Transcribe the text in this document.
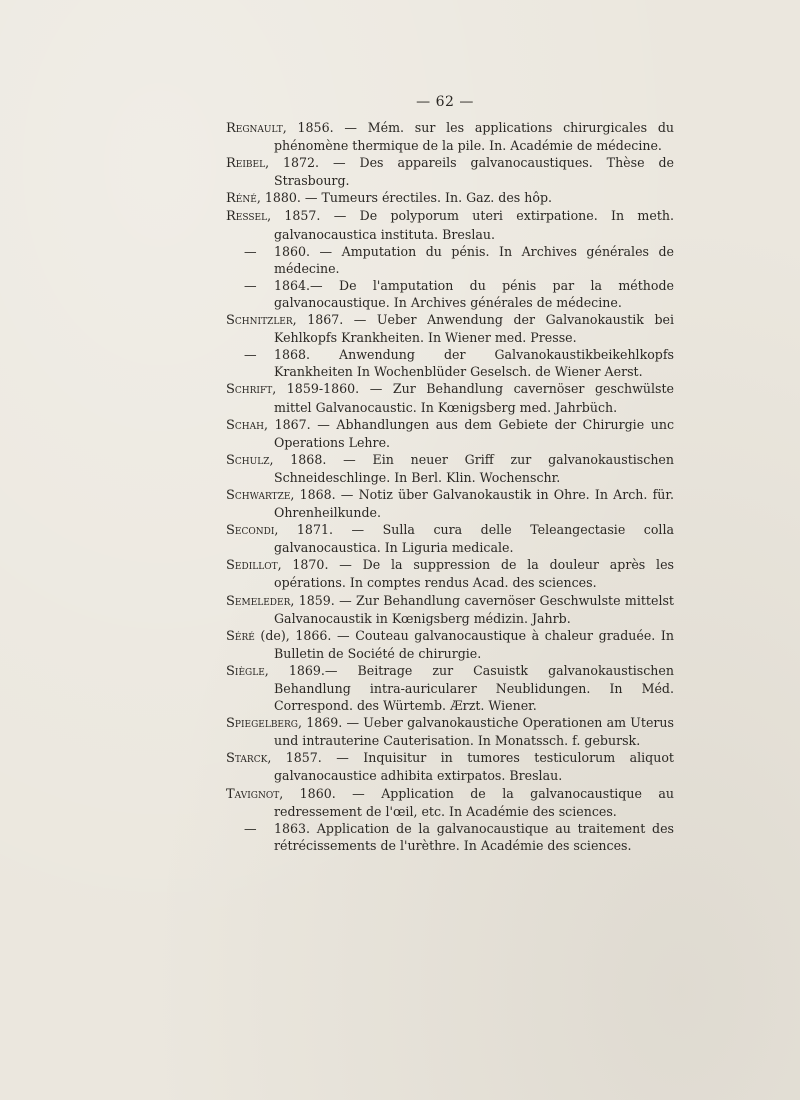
— 62 —

Regnault, 1856. — Mém. sur les applications chirurgicales du phénomène thermique de la pile. In. Académie de médecine.

Reibel, 1872. — Des appareils galvanocaustiques. Thèse de Strasbourg.

Réné, 1880. — Tumeurs érectiles. In. Gaz. des hôp.

Ressel, 1857. — De polyporum uteri extirpatione. In meth. galvanocaustica instituta. Breslau.

— 1860. — Amputation du pénis. In Archives générales de médecine.

— 1864.— De l'amputation du pénis par la méthode galvanocaustique. In Archives générales de médecine.

Schnitzler, 1867. — Ueber Anwendung der Galvanokaustik bei Kehlkopfs Krankheiten. In Wiener med. Presse.

— 1868. Anwendung der Galvanokaustikbeikehlkopfs Krankheiten In Wochenblüder Geselsch. de Wiener Aerst.

Schrift, 1859-1860. — Zur Behandlung cavernöser geschwülste mittel Galvanocaustic. In Kœnigsberg med. Jahrbüch.

Schah, 1867. — Abhandlungen aus dem Gebiete der Chirurgie unc Operations Lehre.

Schulz, 1868. — Ein neuer Griff zur galvanokaustischen Schneideschlinge. In Berl. Klin. Wochenschr.

Schwartze, 1868. — Notiz über Galvanokaustik in Ohre. In Arch. für. Ohrenheilkunde.

Secondi, 1871. — Sulla cura delle Teleangectasie colla galvanocaustica. In Liguria medicale.

Sedillot, 1870. — De la suppression de la douleur après les opérations. In comptes rendus Acad. des sciences.

Semeleder, 1859. — Zur Behandlung cavernöser Geschwulste mittelst Galvanocaustik in Kœnigsberg médizin. Jahrb.

Séré (de), 1866. — Couteau galvanocaustique à chaleur graduée. In Bulletin de Société de chirurgie.

Siègle, 1869.— Beitrage zur Casuistk galvanokaustischen Behandlung intra-auricularer Neublidungen. In Méd. Correspond. des Würtemb. Ærzt. Wiener.

Spiegelberg, 1869. — Ueber galvanokaustiche Operationen am Uterus und intrauterine Cauterisation. In Monatssch. f. gebursk.

Starck, 1857. — Inquisitur in tumores testiculorum aliquot galvanocaustice adhibita extirpatos. Breslau.

Tavignot, 1860. — Application de la galvanocaustique au redressement de l'œil, etc. In Académie des sciences.

— 1863. Application de la galvanocaustique au traitement des rétrécissements de l'urèthre. In Académie des sciences.
